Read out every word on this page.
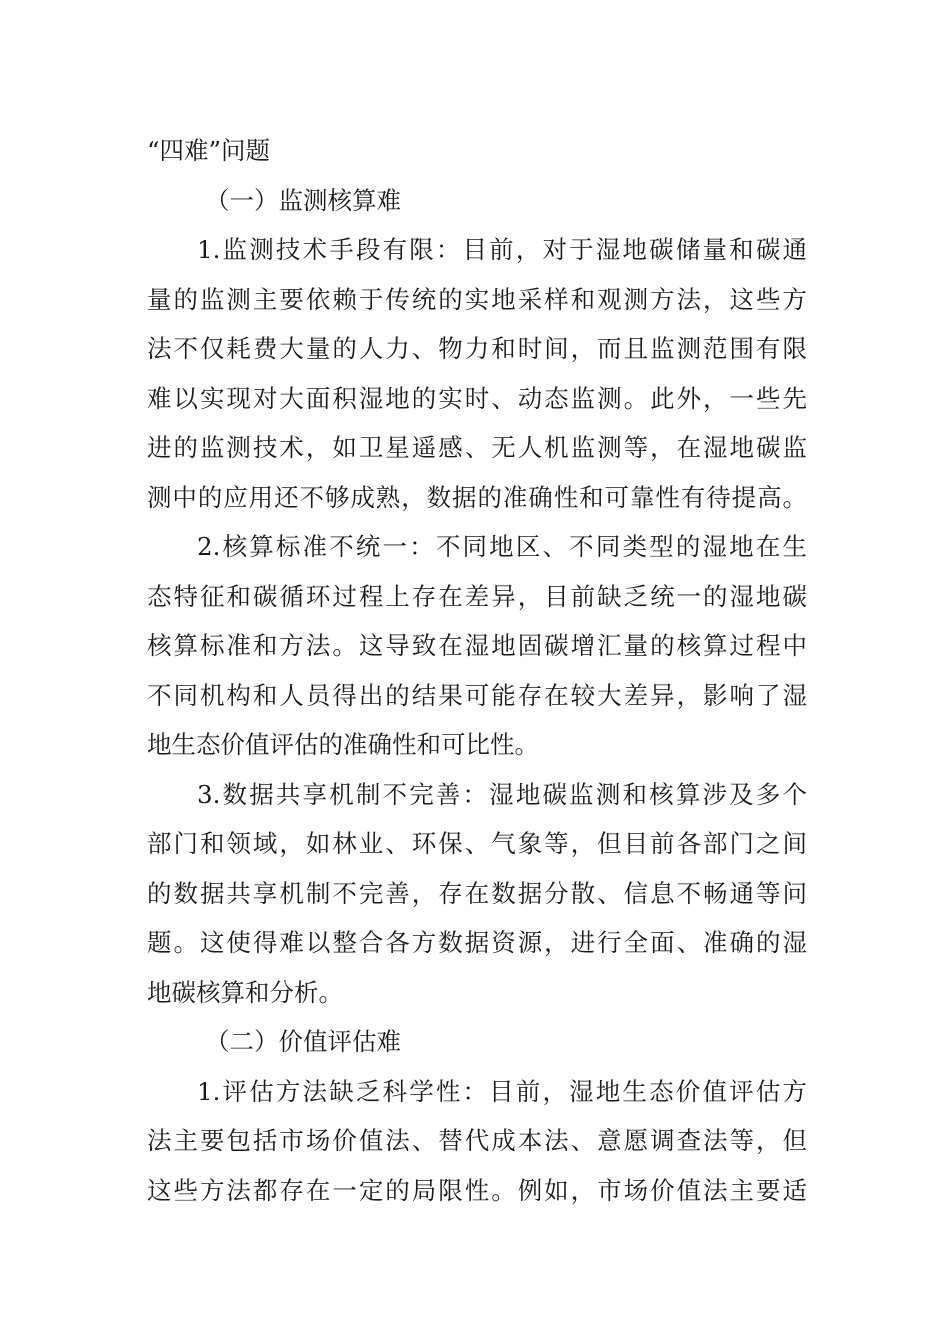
“四难”问题
（一）监测核算难
1.监测技术手段有限：目前，对于湿地碳储量和碳通
量的监测主要依赖于传统的实地采样和观测方法，这些方
法不仅耗费大量的人力、物力和时间，而且监测范围有限
难以实现对大面积湿地的实时、动态监测。此外，一些先
进的监测技术，如卫星遥感、无人机监测等，在湿地碳监
测中的应用还不够成熟，数据的准确性和可靠性有待提高。
2.核算标准不统一：不同地区、不同类型的湿地在生
态特征和碳循环过程上存在差异，目前缺乏统一的湿地碳
核算标准和方法。这导致在湿地固碳增汇量的核算过程中
不同机构和人员得出的结果可能存在较大差异，影响了湿
地生态价值评估的准确性和可比性。
3.数据共享机制不完善：湿地碳监测和核算涉及多个
部门和领域，如林业、环保、气象等，但目前各部门之间
的数据共享机制不完善，存在数据分散、信息不畅通等问
题。这使得难以整合各方数据资源，进行全面、准确的湿
地碳核算和分析。
（二）价值评估难
1.评估方法缺乏科学性：目前，湿地生态价值评估方
法主要包括市场价值法、替代成本法、意愿调查法等，但
这些方法都存在一定的局限性。例如，市场价值法主要适
